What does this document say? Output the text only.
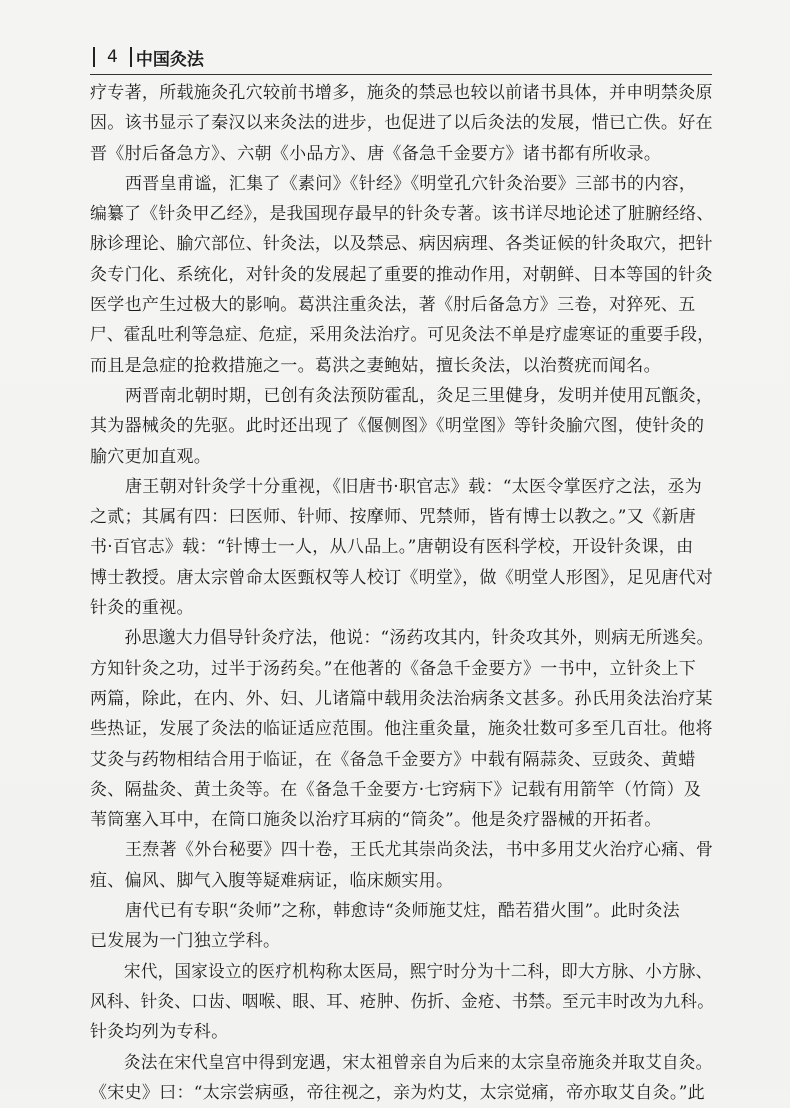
4 中国灸法
疗专著，所载施灸孔穴较前书增多，施灸的禁忌也较以前诸书具体，并申明禁灸原
因。该书显示了秦汉以来灸法的进步，也促进了以后灸法的发展，惜已亡佚。好在
晋《肘后备急方》、六朝《小品方》、唐《备急千金要方》诸书都有所收录。
西晋皇甫谧，汇集了《素问》《针经》《明堂孔穴针灸治要》三部书的内容，
编纂了《针灸甲乙经》，是我国现存最早的针灸专著。该书详尽地论述了脏腑经络、
脉诊理论、腧穴部位、针灸法，以及禁忌、病因病理、各类证候的针灸取穴，把针
灸专门化、系统化，对针灸的发展起了重要的推动作用，对朝鲜、日本等国的针灸
医学也产生过极大的影响。葛洪注重灸法，著《肘后备急方》三卷，对猝死、五
尸、霍乱吐利等急症、危症，采用灸法治疗。可见灸法不单是疗虚寒证的重要手段，
而且是急症的抢救措施之一。葛洪之妻鲍姑，擅长灸法，以治赘疣而闻名。
两晋南北朝时期，已创有灸法预防霍乱，灸足三里健身，发明并使用瓦甑灸，
其为器械灸的先驱。此时还出现了《偃侧图》《明堂图》等针灸腧穴图，使针灸的
腧穴更加直观。
唐王朝对针灸学十分重视，《旧唐书·职官志》载：“太医令掌医疗之法，丞为
之贰；其属有四：曰医师、针师、按摩师、咒禁师，皆有博士以教之。”又《新唐
书·百官志》载：“针博士一人，从八品上。”唐朝设有医科学校，开设针灸课，由
博士教授。唐太宗曾命太医甄权等人校订《明堂》，做《明堂人形图》，足见唐代对
针灸的重视。
孙思邈大力倡导针灸疗法，他说：“汤药攻其内，针灸攻其外，则病无所逃矣。
方知针灸之功，过半于汤药矣。”在他著的《备急千金要方》一书中，立针灸上下
两篇，除此，在内、外、妇、儿诸篇中载用灸法治病条文甚多。孙氏用灸法治疗某
些热证，发展了灸法的临证适应范围。他注重灸量，施灸壮数可多至几百壮。他将
艾灸与药物相结合用于临证，在《备急千金要方》中载有隔蒜灸、豆豉灸、黄蜡
灸、隔盐灸、黄土灸等。在《备急千金要方·七窍病下》记载有用箭竿（竹筒）及
苇筒塞入耳中，在筒口施灸以治疗耳病的“筒灸”。他是灸疗器械的开拓者。
王焘著《外台秘要》四十卷，王氏尤其崇尚灸法，书中多用艾火治疗心痛、骨
疽、偏风、脚气入腹等疑难病证，临床颇实用。
唐代已有专职“灸师”之称，韩愈诗“灸师施艾炷，酷若猎火围”。此时灸法
已发展为一门独立学科。
宋代，国家设立的医疗机构称太医局，熙宁时分为十二科，即大方脉、小方脉、
风科、针灸、口齿、咽喉、眼、耳、疮肿、伤折、金疮、书禁。至元丰时改为九科。
针灸均列为专科。
灸法在宋代皇宫中得到宠遇，宋太祖曾亲自为后来的太宗皇帝施灸并取艾自灸。
《宋史》曰：“太宗尝病亟，帝往视之，亲为灼艾，太宗觉痛，帝亦取艾自灸。”此
